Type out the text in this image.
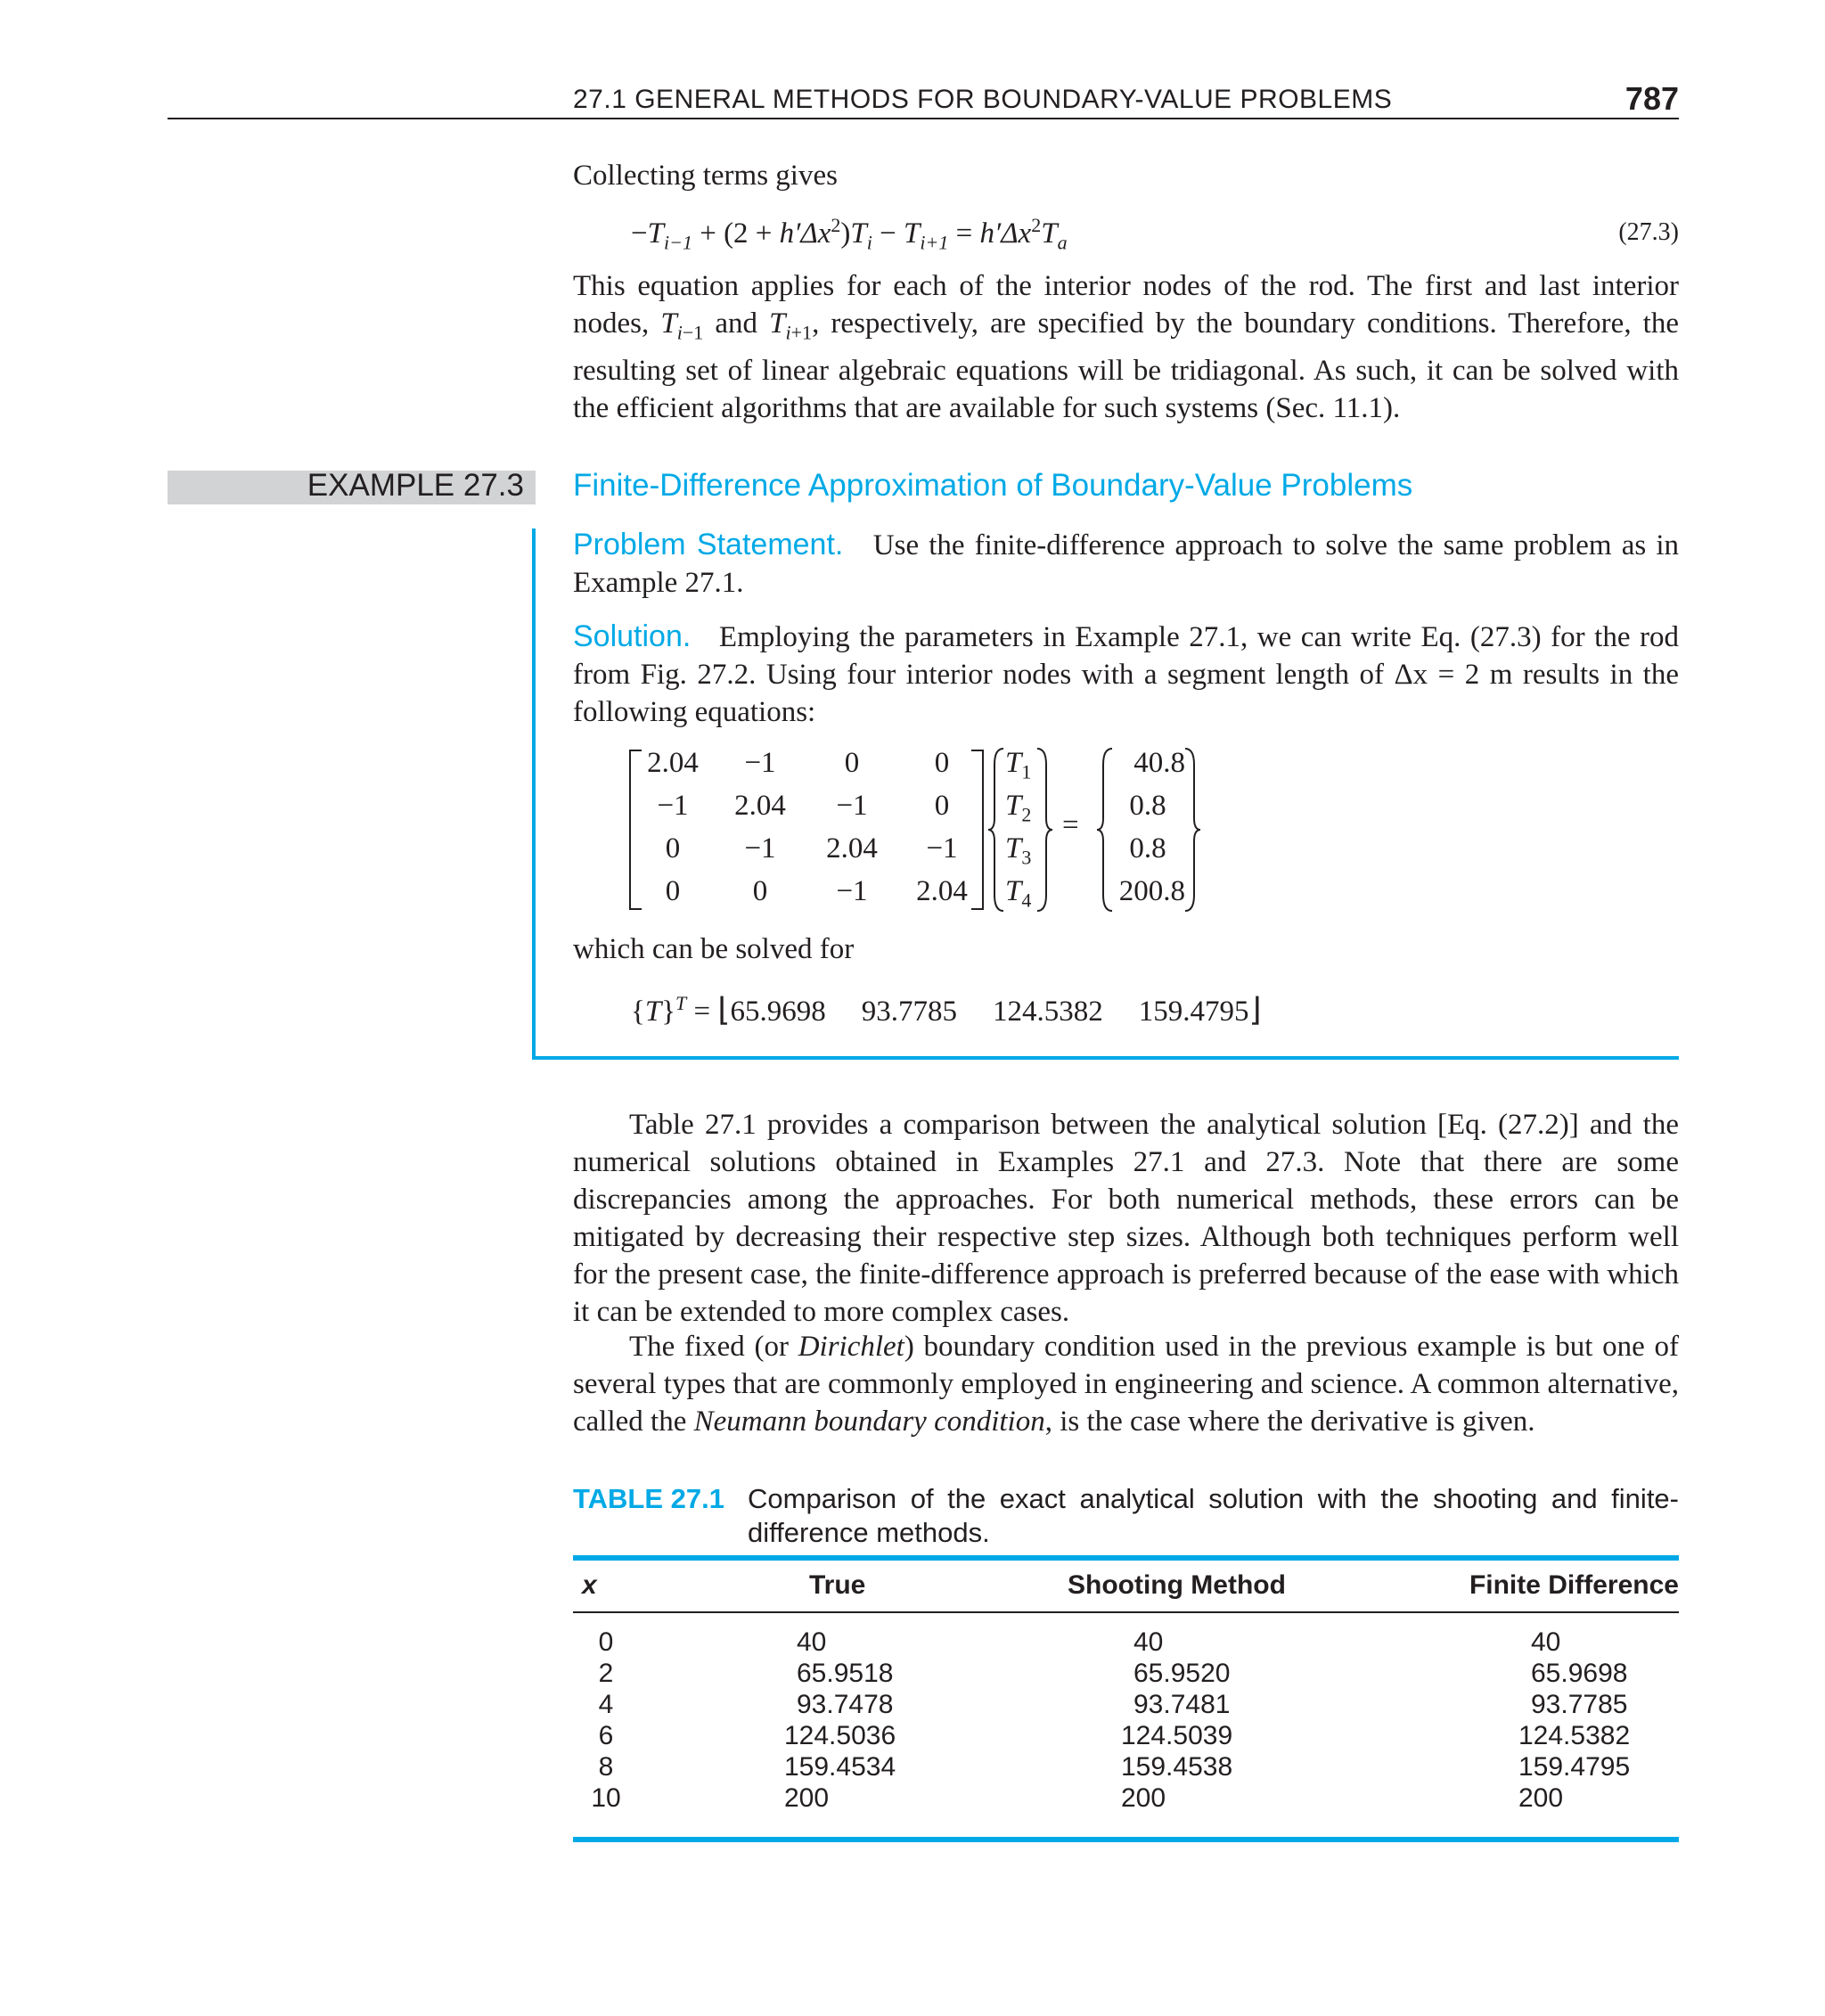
27.1 GENERAL METHODS FOR BOUNDARY-VALUE PROBLEMS	787
Collecting terms gives
$-T_{i-1} + (2 + h'\Delta x^2)T_i - T_{i+1} = h'\Delta x^2T_a$	(27.3)
This equation applies for each of the interior nodes of the rod. The first and last interior nodes, $T_{i-1}$ and $T_{i+1}$, respectively, are specified by the boundary conditions. Therefore, the resulting set of linear algebraic equations will be tridiagonal. As such, it can be solved with the efficient algorithms that are available for such systems (Sec. 11.1).
EXAMPLE 27.3 Finite-Difference Approximation of Boundary-Value Problems
Problem Statement. Use the finite-difference approach to solve the same problem as in Example 27.1.
Solution. Employing the parameters in Example 27.1, we can write Eq. (27.3) for the rod from Fig. 27.2. Using four interior nodes with a segment length of Δx = 2 m results in the following equations:
2.04	−1	0	0
−1	2.04	−1	0
0	−1	2.04	−1
0	0	−1	2.04
$T_1$
$T_2$
$T_3$
$T_4$
=
40.8
0.8
0.8
200.8
which can be solved for
$\{T\}^T$ = ⌊65.9698 93.7785 124.5382 159.4795⌋
Table 27.1 provides a comparison between the analytical solution [Eq. (27.2)] and the numerical solutions obtained in Examples 27.1 and 27.3. Note that there are some discrepancies among the approaches. For both numerical methods, these errors can be mitigated by decreasing their respective step sizes. Although both techniques perform well for the present case, the finite-difference approach is preferred because of the ease with which it can be extended to more complex cases.
The fixed (or Dirichlet) boundary condition used in the previous example is but one of several types that are commonly employed in engineering and science. A common alternative, called the Neumann boundary condition, is the case where the derivative is given.
TABLE 27.1 Comparison of the exact analytical solution with the shooting and finite-difference methods.
x	True	Shooting Method	Finite Difference
0	40	40	40
2	65.9518	65.9520	65.9698
4	93.7478	93.7481	93.7785
6	124.5036	124.5039	124.5382
8	159.4534	159.4538	159.4795
10	200	200	200
